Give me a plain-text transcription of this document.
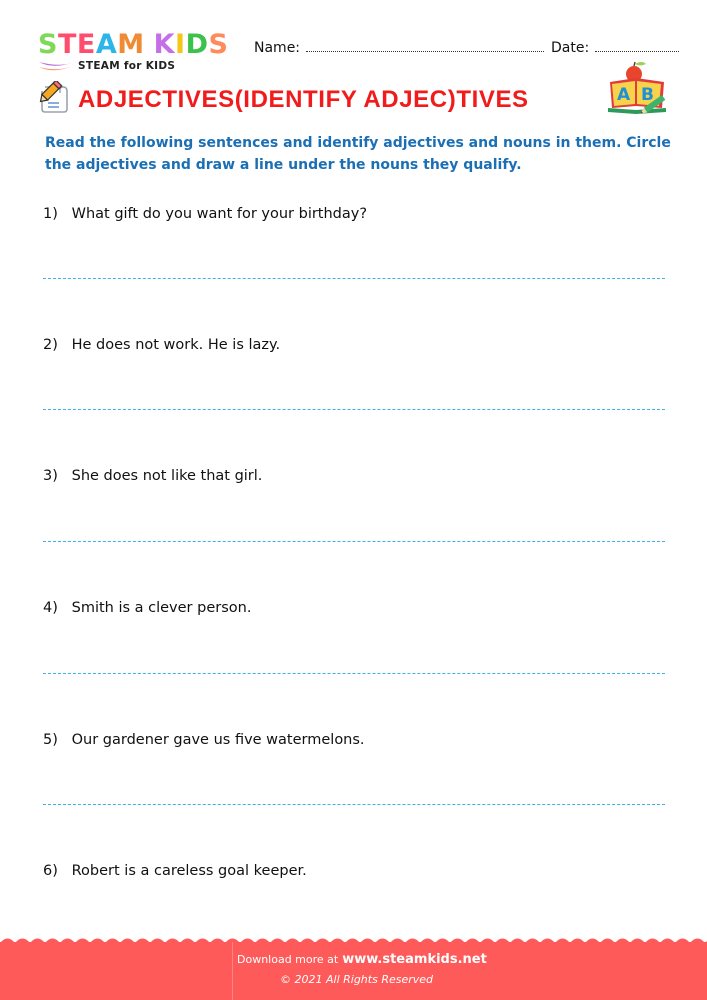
STEAM KIDS
STEAM for KIDS
Name:	Date:
ADJECTIVES(IDENTIFY ADJEC)TIVES	A B
Read the following sentences and identify adjectives and nouns in them. Circle the adjectives and draw a line under the nouns they qualify.
1) What gift do you want for your birthday?
2) He does not work. He is lazy.
3) She does not like that girl.
4) Smith is a clever person.
5) Our gardener gave us five watermelons.
6) Robert is a careless goal keeper.
Download more at www.steamkids.net
© 2021 All Rights Reserved
